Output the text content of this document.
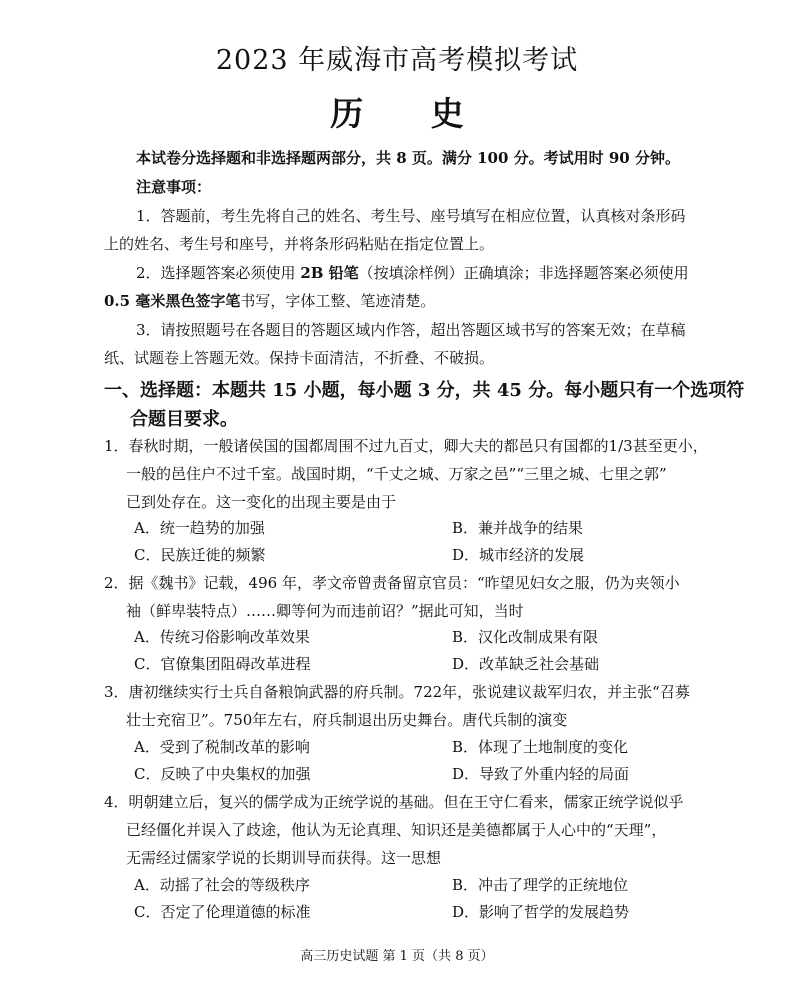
2023 年威海市高考模拟考试
历 史
本试卷分选择题和非选择题两部分，共 8 页。满分 100 分。考试用时 90 分钟。
注意事项：
1．答题前，考生先将自己的姓名、考生号、座号填写在相应位置，认真核对条形码
上的姓名、考生号和座号，并将条形码粘贴在指定位置上。
2．选择题答案必须使用 2B 铅笔（按填涂样例）正确填涂；非选择题答案必须使用
0.5 毫米黑色签字笔书写，字体工整、笔迹清楚。
3．请按照题号在各题目的答题区域内作答，超出答题区域书写的答案无效；在草稿
纸、试题卷上答题无效。保持卡面清洁，不折叠、不破损。
一、选择题：本题共 15 小题，每小题 3 分，共 45 分。每小题只有一个选项符
合题目要求。
1．春秋时期，一般诸侯国的国都周围不过九百丈，卿大夫的都邑只有国都的1/3甚至更小，
一般的邑住户不过千室。战国时期，“千丈之城、万家之邑”“三里之城、七里之郭”
已到处存在。这一变化的出现主要是由于
A．统一趋势的加强	B．兼并战争的结果
C．民族迁徙的频繁	D．城市经济的发展
2．据《魏书》记载，496 年，孝文帝曾责备留京官员：“昨望见妇女之服，仍为夹领小
袖（鲜卑装特点）……卿等何为而违前诏？”据此可知，当时
A．传统习俗影响改革效果	B．汉化改制成果有限
C．官僚集团阻碍改革进程	D．改革缺乏社会基础
3．唐初继续实行士兵自备粮饷武器的府兵制。722年，张说建议裁军归农，并主张“召募
壮士充宿卫”。750年左右，府兵制退出历史舞台。唐代兵制的演变
A．受到了税制改革的影响	B．体现了土地制度的变化
C．反映了中央集权的加强	D．导致了外重内轻的局面
4．明朝建立后，复兴的儒学成为正统学说的基础。但在王守仁看来，儒家正统学说似乎
已经僵化并误入了歧途，他认为无论真理、知识还是美德都属于人心中的“天理”，
无需经过儒家学说的长期训导而获得。这一思想
A．动摇了社会的等级秩序	B．冲击了理学的正统地位
C．否定了伦理道德的标准	D．影响了哲学的发展趋势
高三历史试题 第 1 页（共 8 页）
